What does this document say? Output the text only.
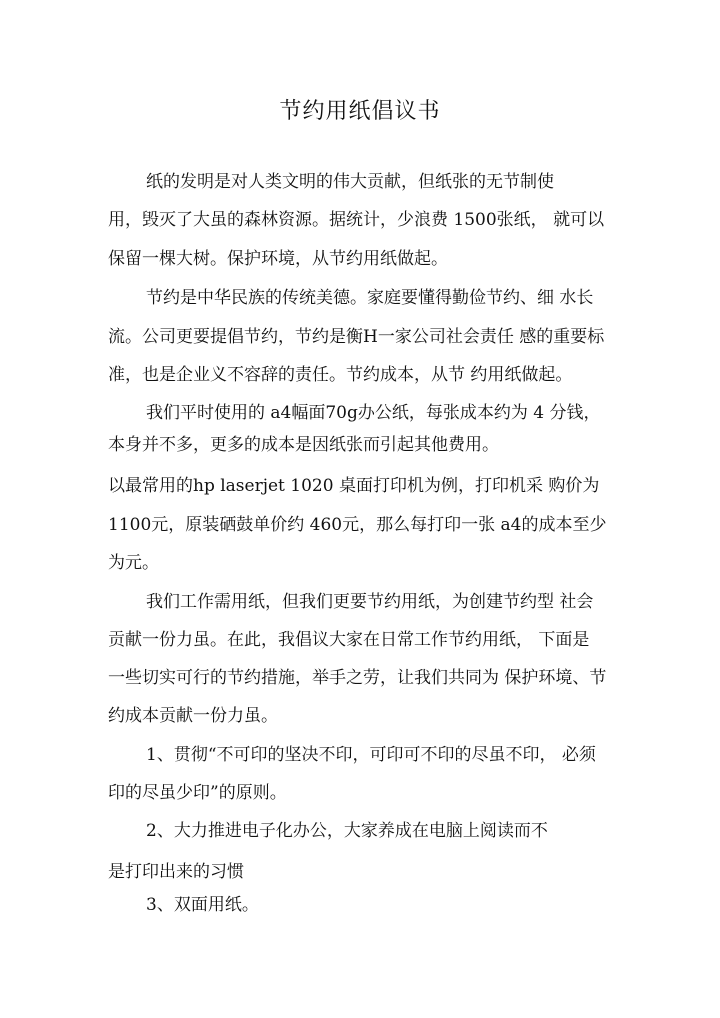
节约用纸倡议书
纸的发明是对人类文明的伟大贡献，但纸张的无节制使
用，毁灭了大虽的森林资源。据统计，少浪费 1500张纸， 就可以
保留一棵大树。保护环境，从节约用纸做起。
节约是中华民族的传统美德。家庭要懂得勤俭节约、细 水长
流。公司更要提倡节约，节约是衡H一家公司社会责任 感的重要标
准，也是企业义不容辞的责任。节约成本，从节 约用纸做起。
我们平时使用的 a4幅面70g办公纸，每张成本约为 4 分钱，
本身并不多，更多的成本是因纸张而引起其他费用。
以最常用的hp laserjet 1020 桌面打印机为例，打印机采 购价为
1100元，原装硒鼓单价约 460元，那么每打印一张 a4的成本至少
为元。
我们工作需用纸，但我们更要节约用纸，为创建节约型 社会
贡献一份力虽。在此，我倡议大家在日常工作节约用纸， 下面是
一些切实可行的节约措施，举手之劳，让我们共同为 保护环境、节
约成本贡献一份力虽。
1、贯彻“不可印的坚决不印，可印可不印的尽虽不印， 必须
印的尽虽少印”的原则。
2、大力推进电子化办公，大家养成在电脑上阅读而不
是打印出来的习惯
3、双面用纸。
